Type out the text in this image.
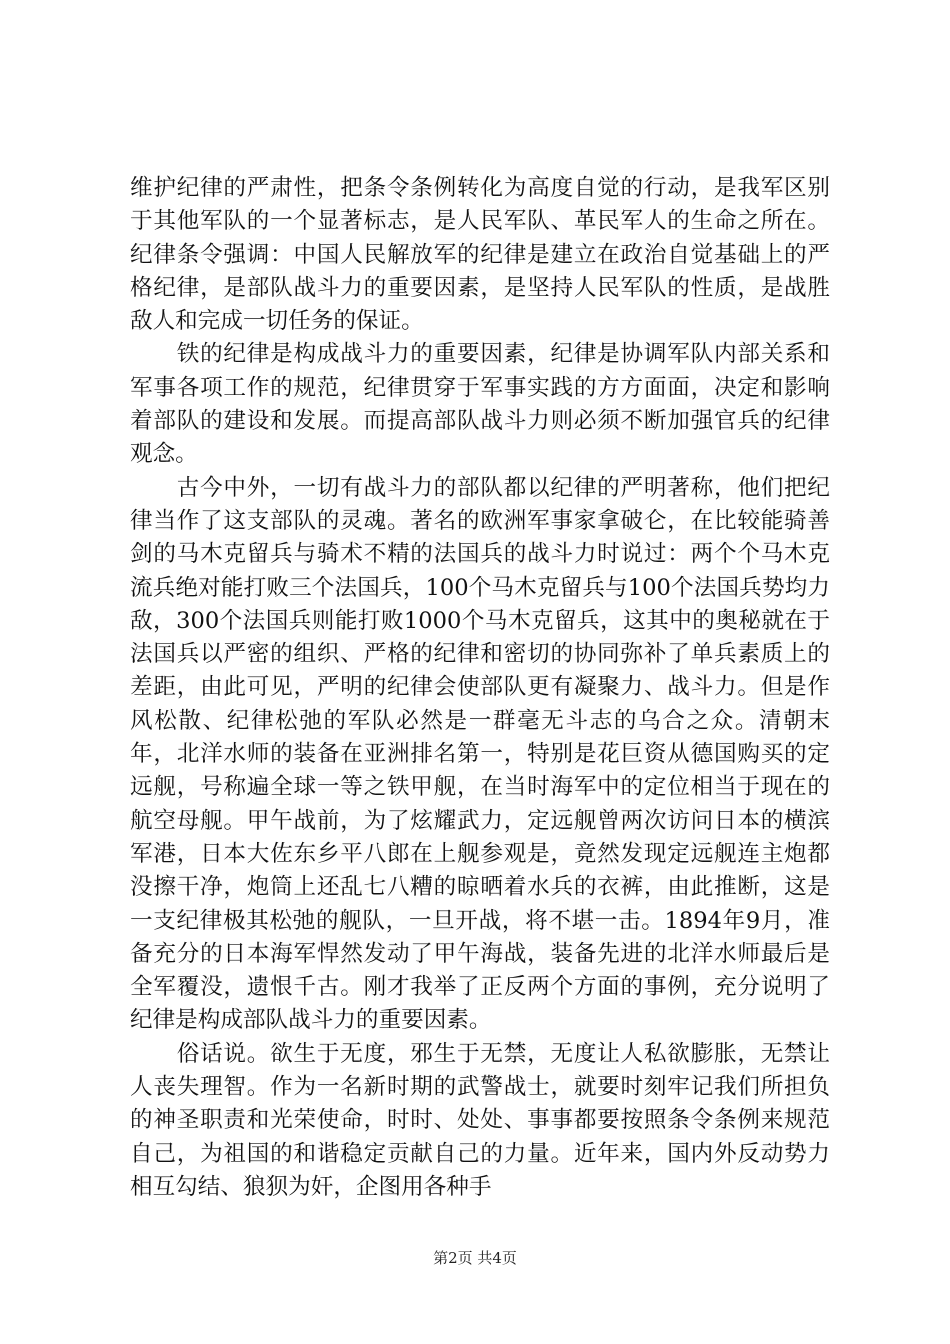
维护纪律的严肃性，把条令条例转化为高度自觉的行动，是我军区别于其他军队的一个显著标志，是人民军队、革民军人的生命之所在。纪律条令强调：中国人民解放军的纪律是建立在政治自觉基础上的严格纪律，是部队战斗力的重要因素，是坚持人民军队的性质，是战胜敌人和完成一切任务的保证。

　　铁的纪律是构成战斗力的重要因素，纪律是协调军队内部关系和军事各项工作的规范，纪律贯穿于军事实践的方方面面，决定和影响着部队的建设和发展。而提高部队战斗力则必须不断加强官兵的纪律观念。

　　古今中外，一切有战斗力的部队都以纪律的严明著称，他们把纪律当作了这支部队的灵魂。著名的欧洲军事家拿破仑，在比较能骑善剑的马木克留兵与骑术不精的法国兵的战斗力时说过：两个个马木克流兵绝对能打败三个法国兵，100个马木克留兵与100个法国兵势均力敌，300个法国兵则能打败1000个马木克留兵，这其中的奥秘就在于法国兵以严密的组织、严格的纪律和密切的协同弥补了单兵素质上的差距，由此可见，严明的纪律会使部队更有凝聚力、战斗力。但是作风松散、纪律松弛的军队必然是一群毫无斗志的乌合之众。清朝末年，北洋水师的装备在亚洲排名第一，特别是花巨资从德国购买的定远舰，号称遍全球一等之铁甲舰，在当时海军中的定位相当于现在的航空母舰。甲午战前，为了炫耀武力，定远舰曾两次访问日本的横滨军港，日本大佐东乡平八郎在上舰参观是，竟然发现定远舰连主炮都没擦干净，炮筒上还乱七八糟的晾晒着水兵的衣裤，由此推断，这是一支纪律极其松弛的舰队，一旦开战，将不堪一击。1894年9月，准备充分的日本海军悍然发动了甲午海战，装备先进的北洋水师最后是全军覆没，遗恨千古。刚才我举了正反两个方面的事例，充分说明了纪律是构成部队战斗力的重要因素。

　　俗话说。欲生于无度，邪生于无禁，无度让人私欲膨胀，无禁让人丧失理智。作为一名新时期的武警战士，就要时刻牢记我们所担负的神圣职责和光荣使命，时时、处处、事事都要按照条令条例来规范自己，为祖国的和谐稳定贡献自己的力量。近年来，国内外反动势力相互勾结、狼狈为奸，企图用各种手

第2页 共4页
